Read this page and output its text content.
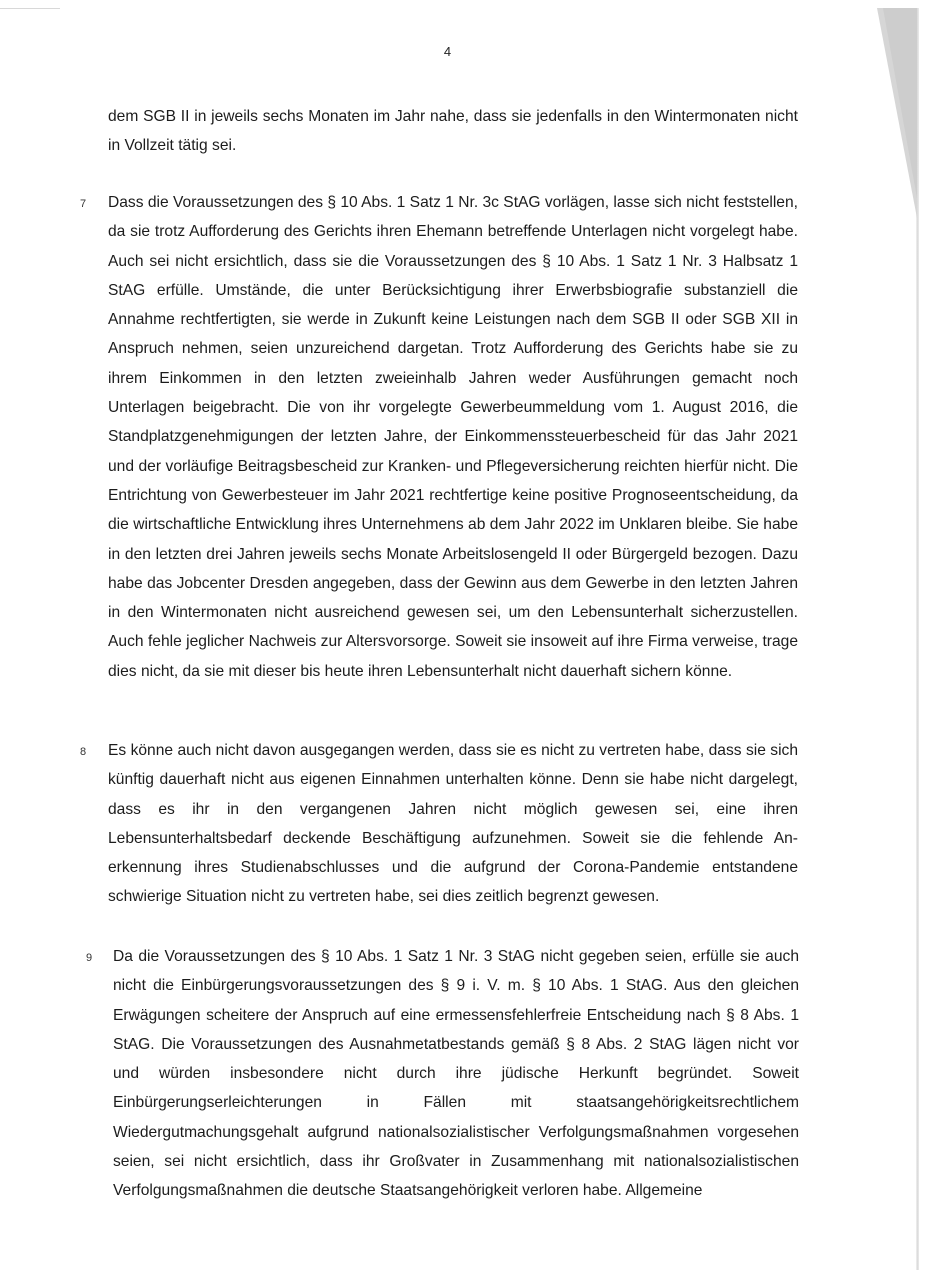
4

dem SGB II in jeweils sechs Monaten im Jahr nahe, dass sie jedenfalls in den Wintermonaten nicht in Vollzeit tätig sei.

7 Dass die Voraussetzungen des § 10 Abs. 1 Satz 1 Nr. 3c StAG vorlägen, lasse sich nicht feststellen, da sie trotz Aufforderung des Gerichts ihren Ehemann betreffende Unterlagen nicht vorgelegt habe. Auch sei nicht ersichtlich, dass sie die Voraussetzungen des § 10 Abs. 1 Satz 1 Nr. 3 Halbsatz 1 StAG erfülle. Umstände, die unter Berücksichtigung ihrer Erwerbsbiografie substanziell die Annahme rechtfertigten, sie werde in Zukunft keine Leistungen nach dem SGB II oder SGB XII in Anspruch nehmen, seien unzureichend dargetan. Trotz Aufforderung des Gerichts habe sie zu ihrem Einkommen in den letzten zweieinhalb Jahren weder Ausführungen gemacht noch Unterlagen beigebracht. Die von ihr vorgelegte Gewerbeummeldung vom 1. August 2016, die Standplatzgenehmigungen der letzten Jahre, der Einkommenssteuerbescheid für das Jahr 2021 und der vorläufige Beitragsbescheid zur Kranken- und Pflegeversicherung reichten hierfür nicht. Die Entrichtung von Gewerbesteuer im Jahr 2021 rechtfertige keine positive Prognoseentscheidung, da die wirtschaftliche Entwicklung ihres Unternehmens ab dem Jahr 2022 im Unklaren bleibe. Sie habe in den letzten drei Jahren jeweils sechs Monate Arbeitslosengeld II oder Bürgergeld bezogen. Dazu habe das Jobcenter Dresden angegeben, dass der Gewinn aus dem Gewerbe in den letzten Jahren in den Wintermonaten nicht ausreichend gewesen sei, um den Lebensunterhalt sicherzustellen. Auch fehle jeglicher Nachweis zur Altersvorsorge. Soweit sie insoweit auf ihre Firma verweise, trage dies nicht, da sie mit dieser bis heute ihren Lebensunterhalt nicht dauerhaft sichern könne.

8 Es könne auch nicht davon ausgegangen werden, dass sie es nicht zu vertreten habe, dass sie sich künftig dauerhaft nicht aus eigenen Einnahmen unterhalten könne. Denn sie habe nicht dargelegt, dass es ihr in den vergangenen Jahren nicht möglich gewesen sei, eine ihren Lebensunterhaltsbedarf deckende Beschäftigung aufzunehmen. Soweit sie die fehlende Anerkennung ihres Studienabschlusses und die aufgrund der Corona-Pandemie entstandene schwierige Situation nicht zu vertreten habe, sei dies zeitlich begrenzt gewesen.

9 Da die Voraussetzungen des § 10 Abs. 1 Satz 1 Nr. 3 StAG nicht gegeben seien, erfülle sie auch nicht die Einbürgerungsvoraussetzungen des § 9 i. V. m. § 10 Abs. 1 StAG. Aus den gleichen Erwägungen scheitere der Anspruch auf eine ermessensfehlerfreie Entscheidung nach § 8 Abs. 1 StAG. Die Voraussetzungen des Ausnahmetatbestands gemäß § 8 Abs. 2 StAG lägen nicht vor und würden insbesondere nicht durch ihre jüdische Herkunft begründet. Soweit Einbürgerungserleichterungen in Fällen mit staatsangehörigkeitsrechtlichem Wiedergutmachungsgehalt aufgrund nationalsozialistischer Verfolgungsmaßnahmen vorgesehen seien, sei nicht ersichtlich, dass ihr Großvater in Zusammenhang mit nationalsozialistischen Verfolgungsmaßnahmen die deutsche Staatsangehörigkeit verloren habe. Allgemeine
